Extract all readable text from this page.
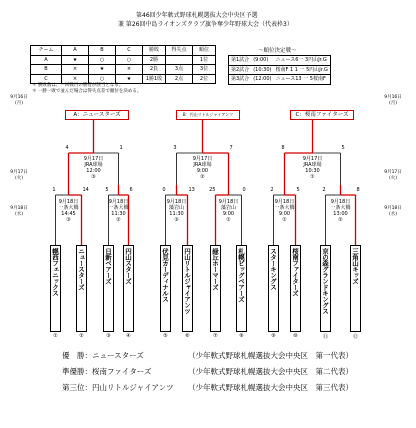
第46回少年軟式野球札幌選抜大会中央区予選
兼 第26回中島ライオンズクラブ旗争奪少年野球大会（代表枠3）
チーム	A	B	C	勝敗	得失点	順位
A	★	○	○	2勝		1位
B	×	★	×	2負	3点	3位
C	×	○	★	1勝1敗	2点	2位
～順位決定戦～
第1試合	(9:00)	ニュース6一 3円山Jr.G
第2試合	(10:30)	桜南F 1 1 一 5円山Jr.G
第3試合	(12:00)	ニュース13 一 5桜南F
＊ 勝敗数は、一回戦目の勝者が該当となる。
＊ 一勝一敗で並んだ場合は得失点差で順位を決める。
9月16日
(月)
9月16日
(月)
9月17日
(火)
9月17日
(火)
9月18日
(水)
9月18日
(水)
A：ニュースターズ	B：円山リトルジャイアンツ	C：桜南ファイターズ
幌西フェニックス
①
ニュースターズ
②
日新ベアーズ
③
円山スターズ
④
伏見カーディナルス
⑤
円山リトルジャイアンツ
⑥
緑丘ホーマーズ
⑦
札幌ビッグベアーズ
⑧
スターキングス
⑨
桜南ファイターズ
⑩
京の森グランドキングス
⑪
三角山キッズ
⑫
1	14
9月18日
一条大橋
14:45
③
5	6
9月18日
一条大橋
11:30
②
0	13
9月18日
藻岩山
11:30
③
25	0
9月18日
藻岩山
9:00
①
2	5
9月18日
一条大橋
9:00
①
2	8
9月18日
一条大橋
13:00
②
4	1
9月17日
JRA球場
12:00
③
3	7
9月17日
JRA球場
9:00
②
8	5
9月17日
JRA球場
10:30
①
優　勝：ニュースターズ	（少年軟式野球札幌選抜大会中央区　第一代表）
準優勝：桜南ファイターズ	（少年軟式野球札幌選抜大会中央区　第二代表）
第三位：円山リトルジャイアンツ （少年軟式野球札幌選抜大会中央区　第三代表）
